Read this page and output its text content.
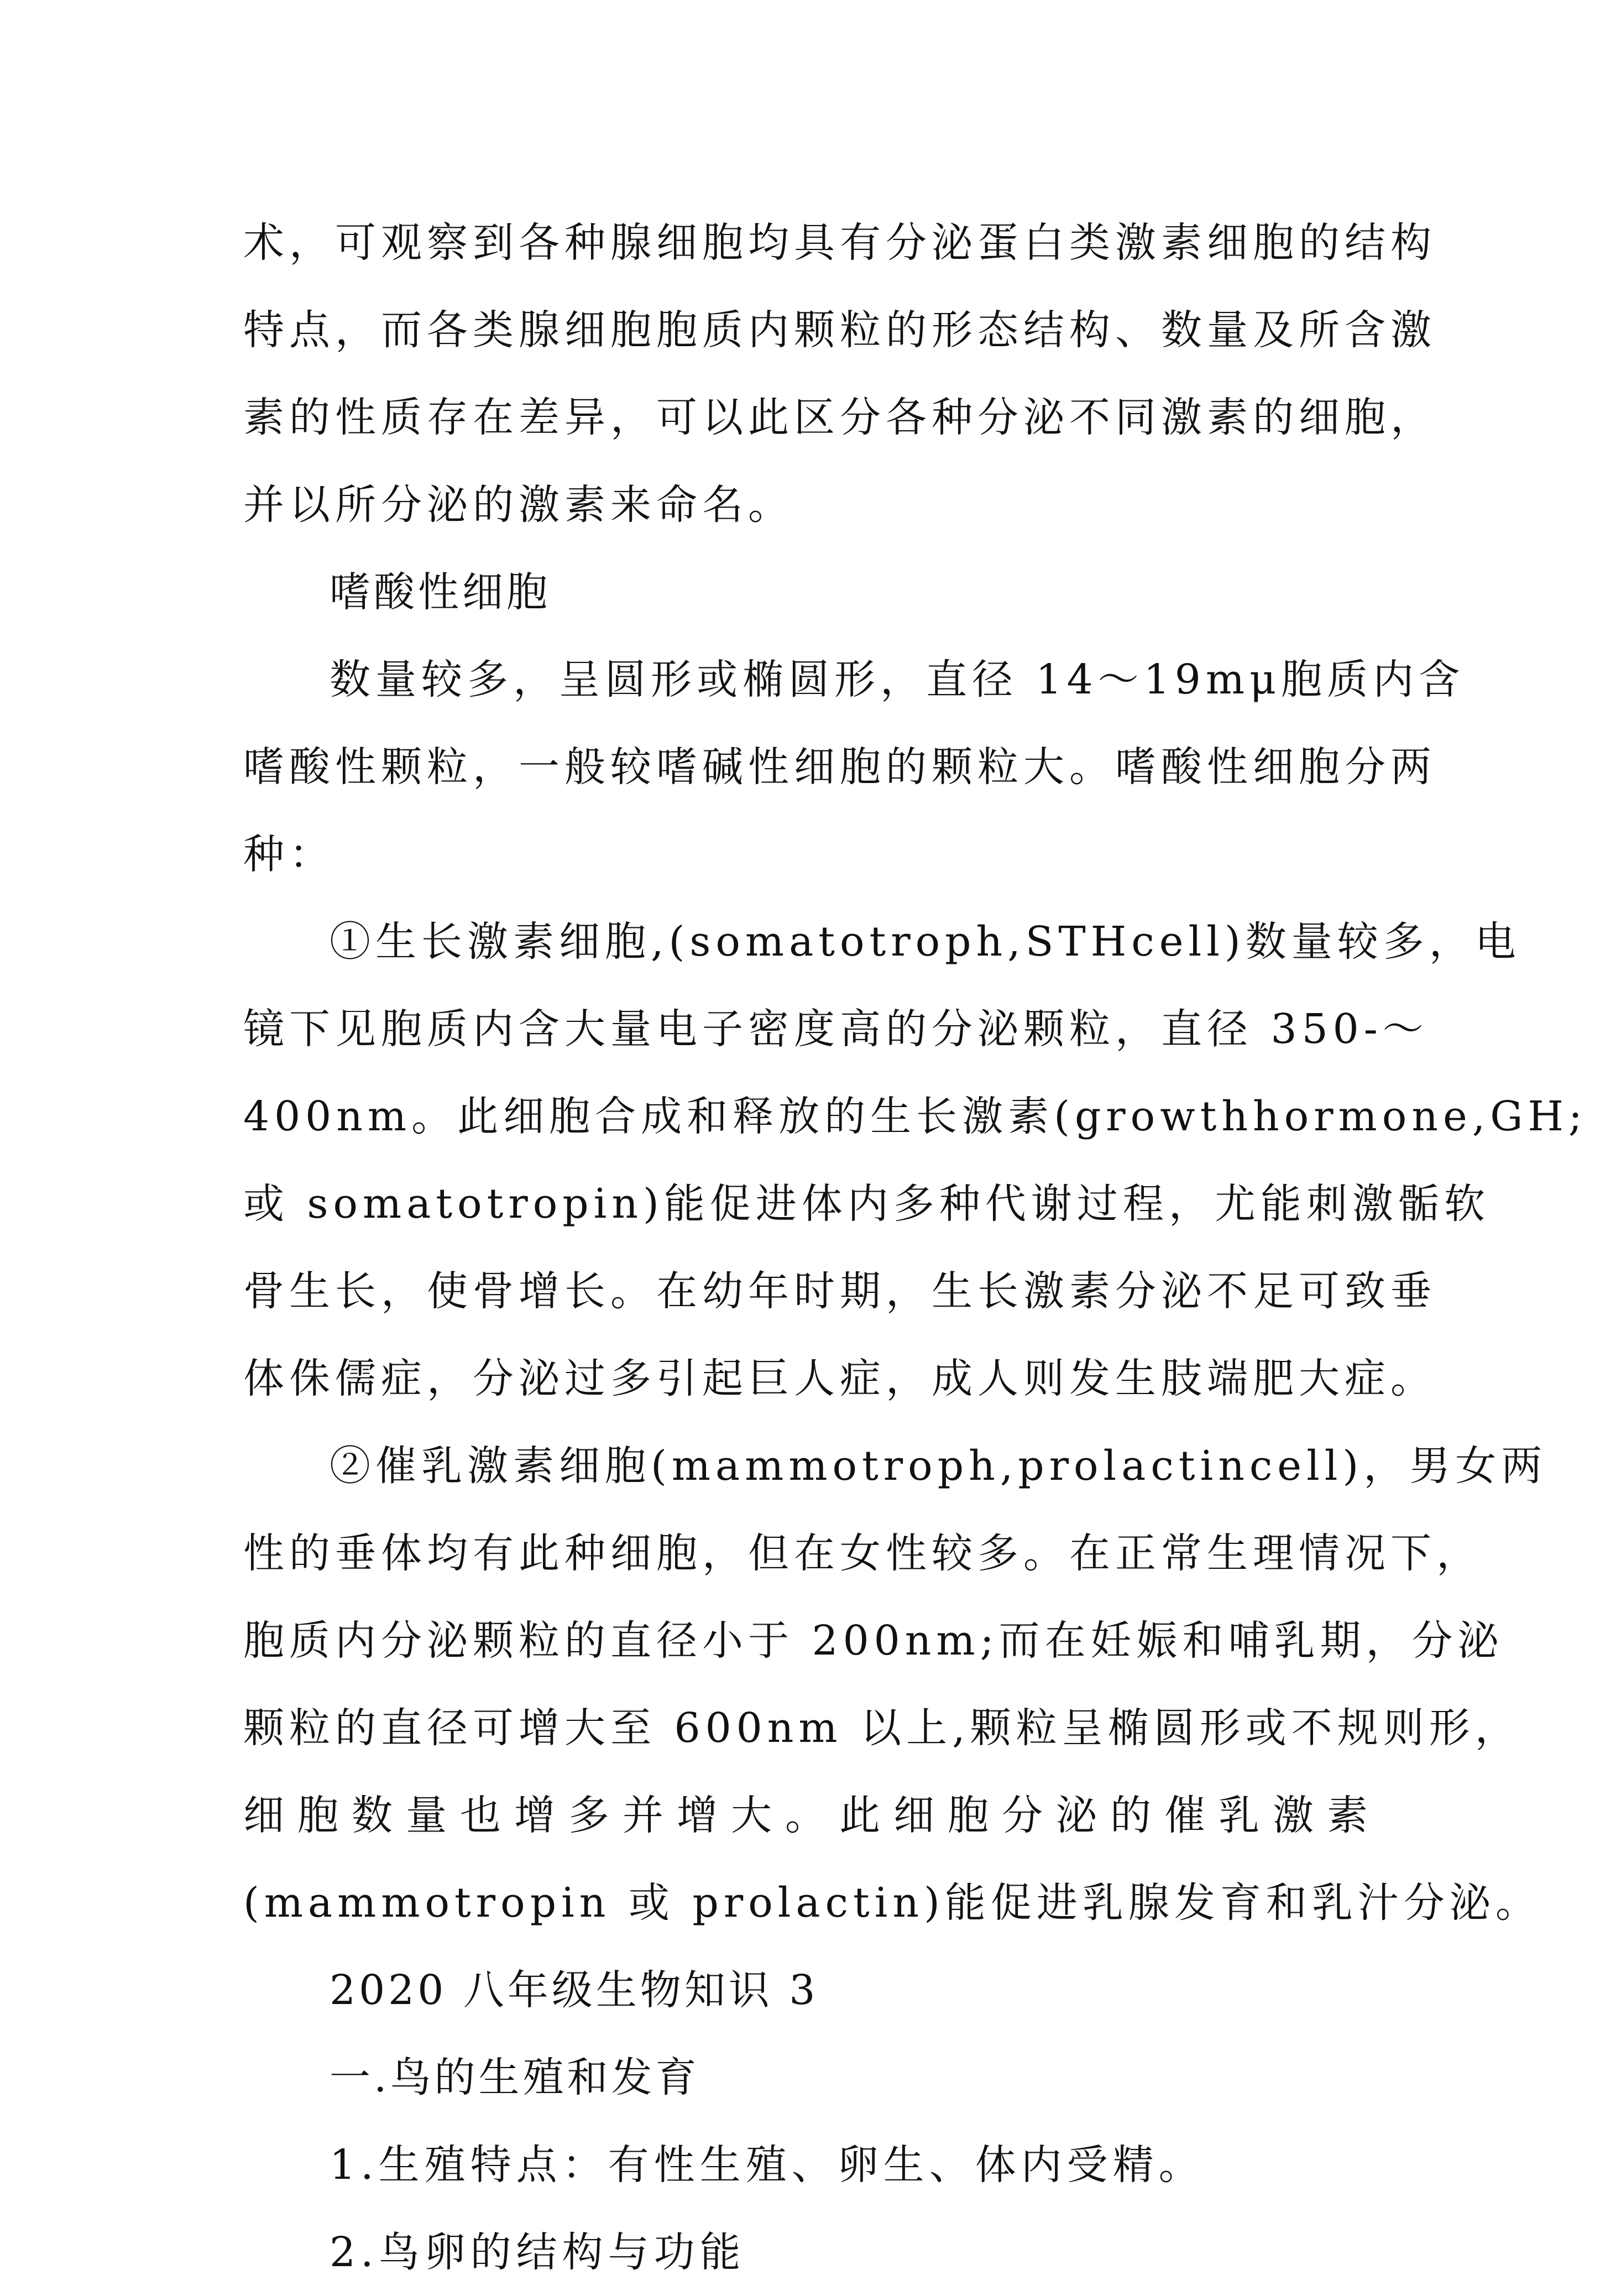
术，可观察到各种腺细胞均具有分泌蛋白类激素细胞的结构
特点，而各类腺细胞胞质内颗粒的形态结构、数量及所含激
素的性质存在差异，可以此区分各种分泌不同激素的细胞，
并以所分泌的激素来命名。
嗜酸性细胞
数量较多，呈圆形或椭圆形，直径 14～19mμ胞质内含
嗜酸性颗粒，一般较嗜碱性细胞的颗粒大。嗜酸性细胞分两
种：
①生长激素细胞,(somatotroph,STHcell)数量较多，电
镜下见胞质内含大量电子密度高的分泌颗粒，直径 350-～
400nm。此细胞合成和释放的生长激素(growthhormone,GH;
或 somatotropin)能促进体内多种代谢过程，尤能刺激骺软
骨生长，使骨增长。在幼年时期，生长激素分泌不足可致垂
体侏儒症，分泌过多引起巨人症，成人则发生肢端肥大症。
②催乳激素细胞(mammotroph,prolactincell)，男女两
性的垂体均有此种细胞，但在女性较多。在正常生理情况下，
胞质内分泌颗粒的直径小于 200nm;而在妊娠和哺乳期，分泌
颗粒的直径可增大至 600nm 以上,颗粒呈椭圆形或不规则形，
细胞数量也增多并增大。此细胞分泌的催乳激素
(mammotropin 或 prolactin)能促进乳腺发育和乳汁分泌。
2020 八年级生物知识 3
一.鸟的生殖和发育
1.生殖特点：有性生殖、卵生、体内受精。
2.鸟卵的结构与功能
